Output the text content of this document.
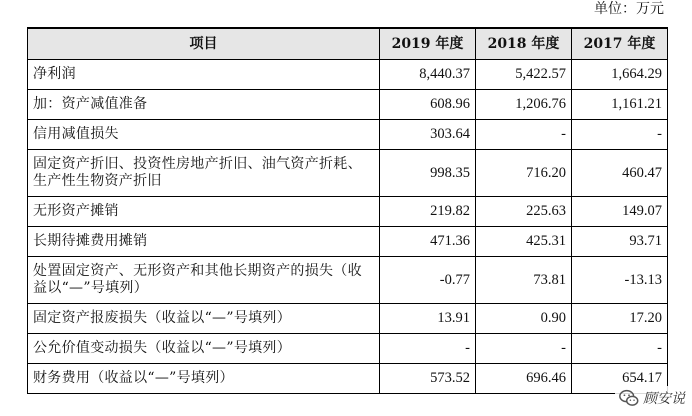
单位：万元
项目	2019 年度	2018 年度	2017 年度
净利润	8,440.37	5,422.57	1,664.29
加：资产减值准备	608.96	1,206.76	1,161.21
信用减值损失	303.64	-	-
固定资产折旧、投资性房地产折旧、油气资产折耗、生产性生物资产折旧	998.35	716.20	460.47
无形资产摊销	219.82	225.63	149.07
长期待摊费用摊销	471.36	425.31	93.71
处置固定资产、无形资产和其他长期资产的损失（收益以“—”号填列）	-0.77	73.81	-13.13
固定资产报废损失（收益以“—”号填列）	13.91	0.90	17.20
公允价值变动损失（收益以“—”号填列）	-	-	-
财务费用（收益以“—”号填列）	573.52	696.46	654.17
顾安说
